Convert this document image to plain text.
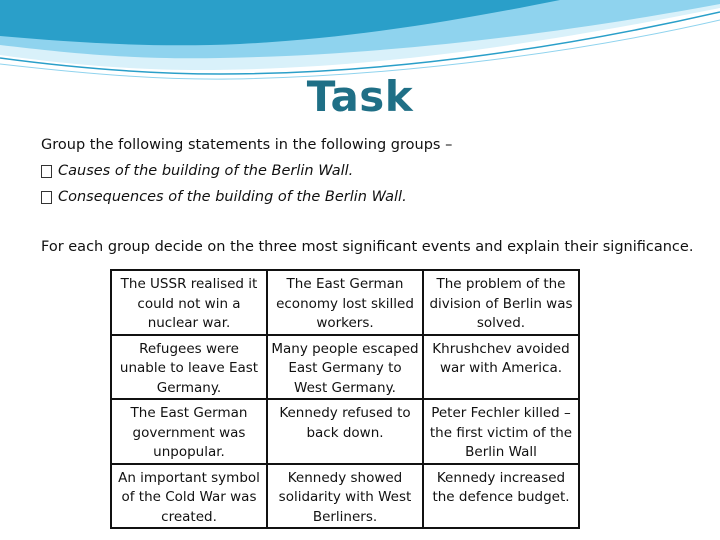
Task
Group the following statements in the following groups –
Causes of the building of the Berlin Wall.
Consequences of the building of the Berlin Wall.
For each group decide on the three most significant events and explain their significance.
The USSR realised it could not win a nuclear war.	The East German economy lost skilled workers.	The problem of the division of Berlin was solved.
Refugees were unable to leave East Germany.	Many people escaped East Germany to West Germany.	Khrushchev avoided war with America.
The East German government was unpopular.	Kennedy refused to back down.	Peter Fechler killed – the first victim of the Berlin Wall
An important symbol of the Cold War was created.	Kennedy showed solidarity with West Berliners.	Kennedy increased the defence budget.
